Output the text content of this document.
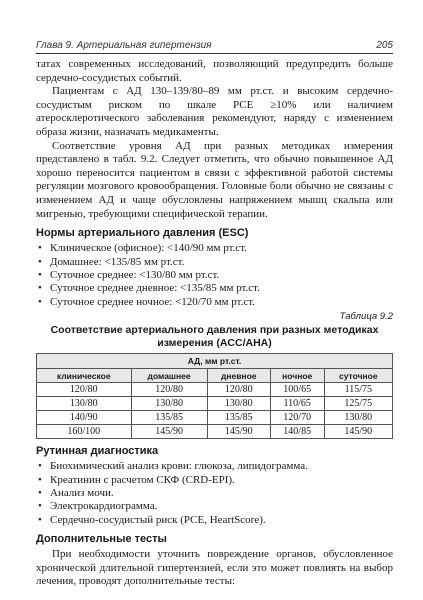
Глава 9. Артериальная гипертензия	205

татах современных исследований, позволяющий предупредить больше сердечно-сосудистых событий.

Пациентам с АД 130–139/80–89 мм рт.ст. и высоким сердечно-сосудистым риском по шкале РСЕ ≥10% или наличием атеросклеротического заболевания рекомендуют, наряду с изменением образа жизни, назначать медикаменты.

Соответствие уровня АД при разных методиках измерения представлено в табл. 9.2. Следует отметить, что обычно повышенное АД хорошо переносится пациентом в связи с эффективной работой системы регуляции мозгового кровообращения. Головные боли обычно не связаны с изменением АД и чаще обусловлены напряжением мышц скальпа или мигренью, требующими специфической терапии.

Нормы артериального давления (ESC)
• Клиническое (офисное): <140/90 мм рт.ст.
• Домашнее: <135/85 мм рт.ст.
• Суточное среднее: <130/80 мм рт.ст.
• Суточное среднее дневное: <135/85 мм рт.ст.
• Суточное среднее ночное: <120/70 мм рт.ст.
Таблица 9.2
Соответствие артериального давления при разных методиках измерения (ACC/AHA)
АД, мм рт.ст.				
клиническое	домашнее	дневное	ночное	суточное
120/80	120/80	120/80	100/65	115/75
130/80	130/80	130/80	110/65	125/75
140/90	135/85	135/85	120/70	130/80
160/100	145/90	145/90	140/85	145/90
Рутинная диагностика
• Биохимический анализ крови: глюкоза, липидограмма.
• Креатинин с расчетом СКФ (CRD-EPI).
• Анализ мочи.
• Электрокардиограмма.
• Сердечно-сосудистый риск (РСЕ, HeartScore).
Дополнительные тесты

При необходимости уточнить повреждение органов, обусловленное хронической длительной гипертензией, если это может повлиять на выбор лечения, проводят дополнительные тесты:
